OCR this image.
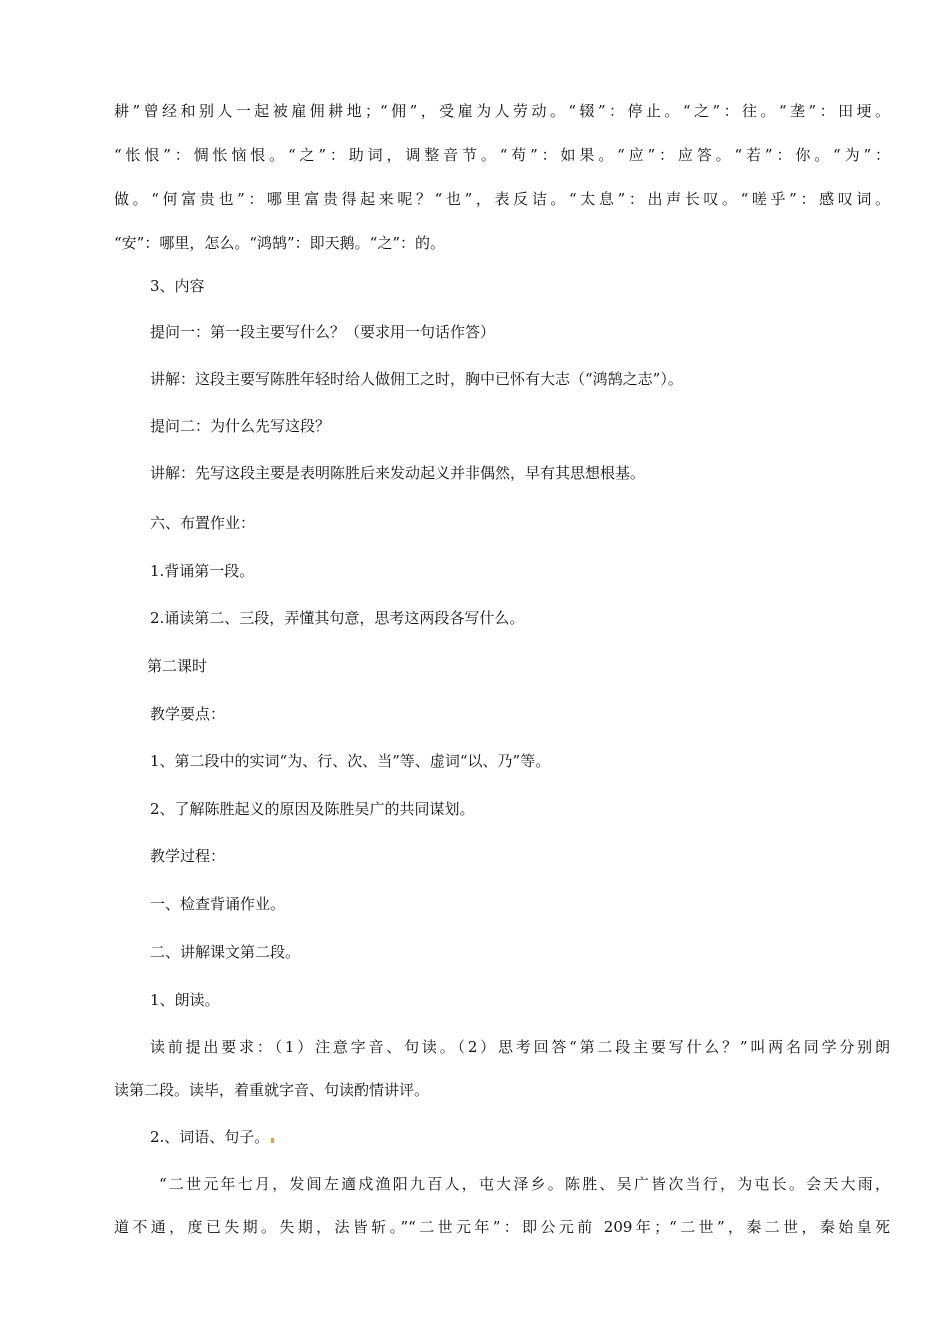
耕”曾经和别人一起被雇佣耕地；“佣”，受雇为人劳动。“辍”：停止。“之”：往。“垄”：田埂。
“怅恨”：惆怅恼恨。“之”：助词，调整音节。“苟”：如果。“应”：应答。“若”：你。“为”：
做。“何富贵也”：哪里富贵得起来呢？“也”，表反诘。“太息”：出声长叹。“嗟乎”：感叹词。
“安”：哪里，怎么。“鸿鹄”：即天鹅。“之”：的。
3、内容
提问一：第一段主要写什么？（要求用一句话作答）
讲解：这段主要写陈胜年轻时给人做佣工之时，胸中已怀有大志（“鸿鹄之志”）。
提问二：为什么先写这段？
讲解：先写这段主要是表明陈胜后来发动起义并非偶然，早有其思想根基。
六、布置作业：
1.背诵第一段。
2.诵读第二、三段，弄懂其句意，思考这两段各写什么。
第二课时
教学要点：
1、第二段中的实词“为、行、次、当”等、虚词“以、乃”等。
2、了解陈胜起义的原因及陈胜吴广的共同谋划。
教学过程：
一、检查背诵作业。
二、讲解课文第二段。
1、朗读。
读前提出要求：（1）注意字音、句读。（2）思考回答“第二段主要写什么？”叫两名同学分别朗
读第二段。读毕，着重就字音、句读酌情讲评。
2.、词语、句子。
“二世元年七月，发闾左適戍渔阳九百人，屯大泽乡。陈胜、吴广皆次当行，为屯长。会天大雨，
道不通，度已失期。失期，法皆斩。”“二世元年”：即公元前 209年；“二世”，秦二世，秦始皇死
